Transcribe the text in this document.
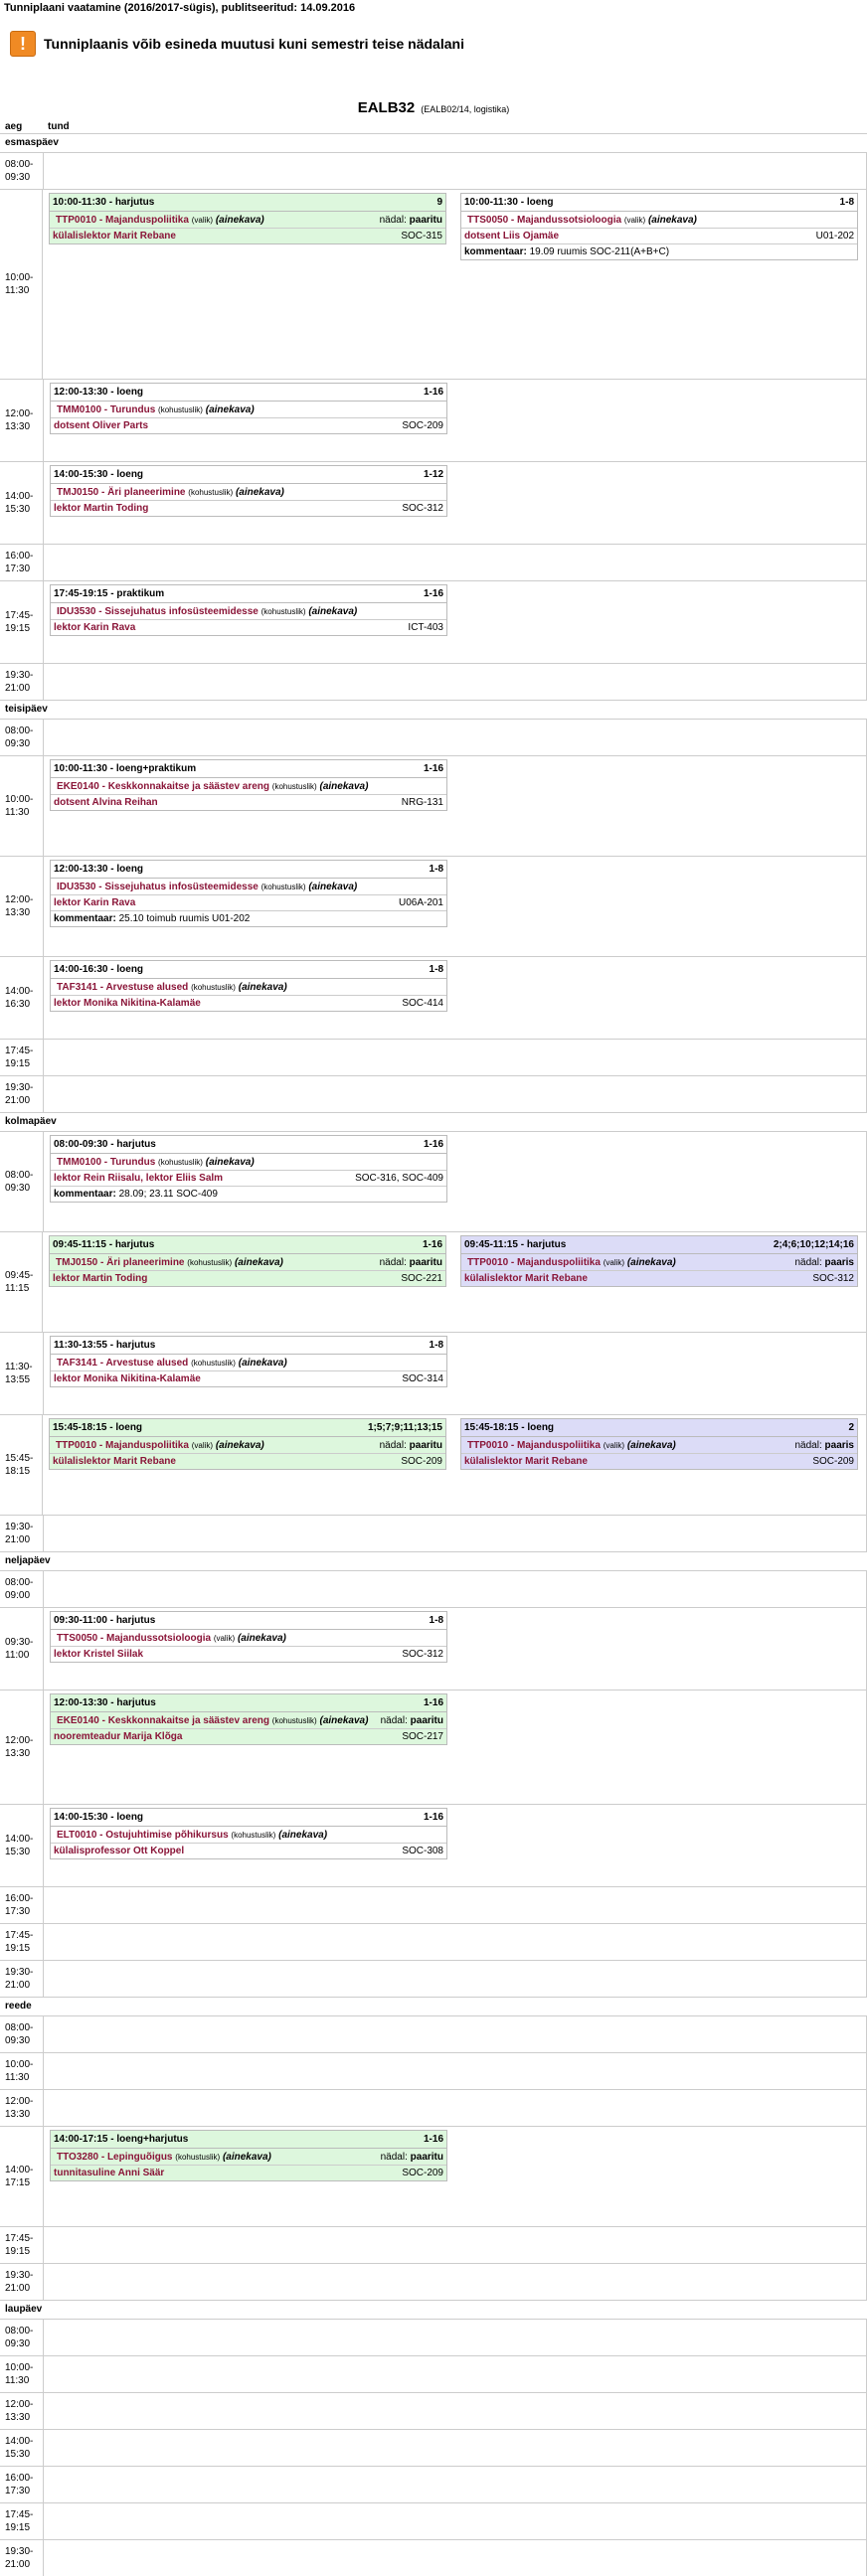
Tunniplaani vaatamine (2016/2017-sügis), publitseeritud: 14.09.2016
!	Tunniplaanis võib esineda muutusi kuni semestri teise nädalani
EALB32 (EALB02/14, logistika)
aeg	tund
esmaspäev
08:00-09:30
10:00-11:30
10:00-11:30 - harjutus	9
TTP0010 - Majanduspoliitika (valik) (ainekava)	nädal: paaritu
külalislektor Marit Rebane	SOC-315
10:00-11:30 - loeng	1-8
TTS0050 - Majandussotsioloogia (valik) (ainekava)
dotsent Liis Ojamäe	U01-202
kommentaar: 19.09 ruumis SOC-211(A+B+C)
12:00-13:30
12:00-13:30 - loeng	1-16
TMM0100 - Turundus (kohustuslik) (ainekava)
dotsent Oliver Parts	SOC-209
14:00-15:30
14:00-15:30 - loeng	1-12
TMJ0150 - Äri planeerimine (kohustuslik) (ainekava)
lektor Martin Toding	SOC-312
16:00-17:30
17:45-19:15
17:45-19:15 - praktikum	1-16
IDU3530 - Sissejuhatus infosüsteemidesse (kohustuslik) (ainekava)
lektor Karin Rava	ICT-403
19:30-21:00
teisipäev
08:00-09:30
10:00-11:30
10:00-11:30 - loeng+praktikum	1-16
EKE0140 - Keskkonnakaitse ja säästev areng (kohustuslik) (ainekava)
dotsent Alvina Reihan	NRG-131
12:00-13:30
12:00-13:30 - loeng	1-8
IDU3530 - Sissejuhatus infosüsteemidesse (kohustuslik) (ainekava)
lektor Karin Rava	U06A-201
kommentaar: 25.10 toimub ruumis U01-202
14:00-16:30
14:00-16:30 - loeng	1-8
TAF3141 - Arvestuse alused (kohustuslik) (ainekava)
lektor Monika Nikitina-Kalamäe	SOC-414
17:45-19:15
19:30-21:00
kolmapäev
08:00-09:30
08:00-09:30 - harjutus	1-16
TMM0100 - Turundus (kohustuslik) (ainekava)
lektor Rein Riisalu, lektor Eliis Salm	SOC-316, SOC-409
kommentaar: 28.09; 23.11 SOC-409
09:45-11:15
09:45-11:15 - harjutus	1-16
TMJ0150 - Äri planeerimine (kohustuslik) (ainekava)	nädal: paaritu
lektor Martin Toding	SOC-221
09:45-11:15 - harjutus	2;4;6;10;12;14;16
TTP0010 - Majanduspoliitika (valik) (ainekava)	nädal: paaris
külalislektor Marit Rebane	SOC-312
11:30-13:55
11:30-13:55 - harjutus	1-8
TAF3141 - Arvestuse alused (kohustuslik) (ainekava)
lektor Monika Nikitina-Kalamäe	SOC-314
15:45-18:15
15:45-18:15 - loeng	1;5;7;9;11;13;15
TTP0010 - Majanduspoliitika (valik) (ainekava)	nädal: paaritu
külalislektor Marit Rebane	SOC-209
15:45-18:15 - loeng	2
TTP0010 - Majanduspoliitika (valik) (ainekava)	nädal: paaris
külalislektor Marit Rebane	SOC-209
19:30-21:00
neljapäev
08:00-09:00
09:30-11:00
09:30-11:00 - harjutus	1-8
TTS0050 - Majandussotsioloogia (valik) (ainekava)
lektor Kristel Siilak	SOC-312
12:00-13:30
12:00-13:30 - harjutus	1-16
EKE0140 - Keskkonnakaitse ja säästev areng (kohustuslik) (ainekava) nädal: paaritu
nooremteadur Marija Klõga	SOC-217
14:00-15:30
14:00-15:30 - loeng	1-16
ELT0010 - Ostujuhtimise põhikursus (kohustuslik) (ainekava)
külalisprofessor Ott Koppel	SOC-308
16:00-17:30
17:45-19:15
19:30-21:00
reede
08:00-09:30
10:00-11:30
12:00-13:30
14:00-17:15
14:00-17:15 - loeng+harjutus	1-16
TTO3280 - Lepinguõigus (kohustuslik) (ainekava)	nädal: paaritu
tunnitasuline Anni Säär	SOC-209
17:45-19:15
19:30-21:00
laupäev
08:00-09:30
10:00-11:30
12:00-13:30
14:00-15:30
16:00-17:30
17:45-19:15
19:30-21:00
